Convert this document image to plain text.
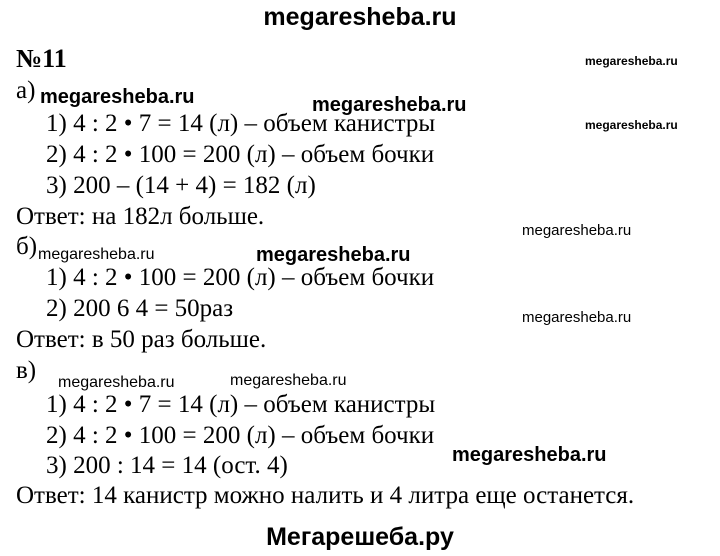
megaresheba.ru
№11
а)
1) 4 : 2 • 7 = 14 (л) – объем канистры
2) 4 : 2 • 100 = 200 (л) – объем бочки
3) 200 – (14 + 4) = 182 (л)
Ответ: на 182л больше.
б)
1) 4 : 2 • 100 = 200 (л) – объем бочки
2) 200 6 4 = 50раз
Ответ: в 50 раз больше.
в)
1) 4 : 2 • 7 = 14 (л) – объем канистры
2) 4 : 2 • 100 = 200 (л) – объем бочки
3) 200 : 14 = 14 (ост. 4)
Ответ: 14 канистр можно налить и 4 литра еще останется.
megaresheba.ru
megaresheba.ru	megaresheba.ru
megaresheba.ru
megaresheba.ru
megaresheba.ru	megaresheba.ru
megaresheba.ru
megaresheba.ru	megaresheba.ru
megaresheba.ru
Мегарешеба.ру
